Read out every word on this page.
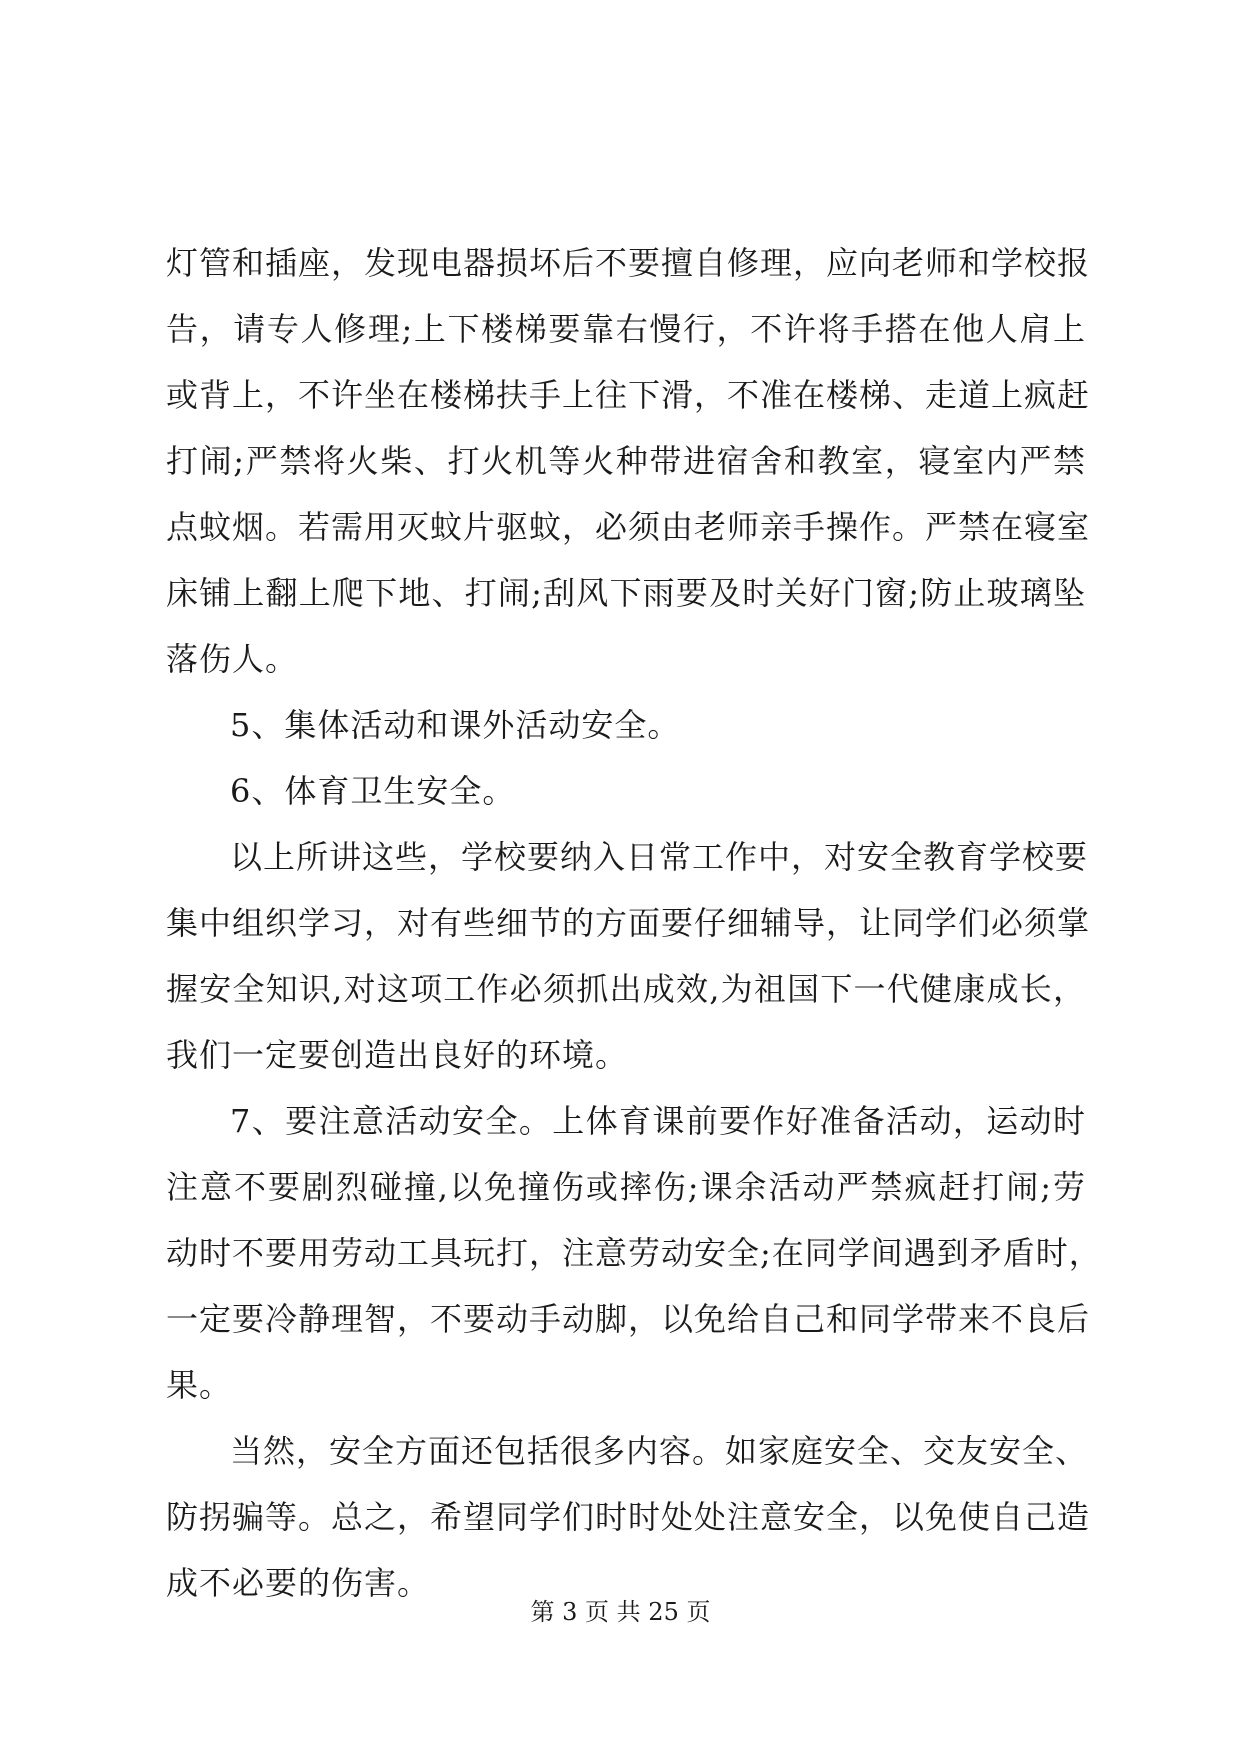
灯管和插座，发现电器损坏后不要擅自修理，应向老师和学校报
告，请专人修理;上下楼梯要靠右慢行，不许将手搭在他人肩上
或背上，不许坐在楼梯扶手上往下滑，不准在楼梯、走道上疯赶
打闹;严禁将火柴、打火机等火种带进宿舍和教室，寝室内严禁
点蚊烟。若需用灭蚊片驱蚊，必须由老师亲手操作。严禁在寝室
床铺上翻上爬下地、打闹;刮风下雨要及时关好门窗;防止玻璃坠
落伤人。
5、集体活动和课外活动安全。
6、体育卫生安全。
以上所讲这些，学校要纳入日常工作中，对安全教育学校要
集中组织学习，对有些细节的方面要仔细辅导，让同学们必须掌
握安全知识,对这项工作必须抓出成效,为祖国下一代健康成长，
我们一定要创造出良好的环境。
7、要注意活动安全。上体育课前要作好准备活动，运动时
注意不要剧烈碰撞,以免撞伤或摔伤;课余活动严禁疯赶打闹;劳
动时不要用劳动工具玩打，注意劳动安全;在同学间遇到矛盾时，
一定要冷静理智，不要动手动脚，以免给自己和同学带来不良后
果。
当然，安全方面还包括很多内容。如家庭安全、交友安全、
防拐骗等。总之，希望同学们时时处处注意安全，以免使自己造
成不必要的伤害。
第 3 页 共 25 页
